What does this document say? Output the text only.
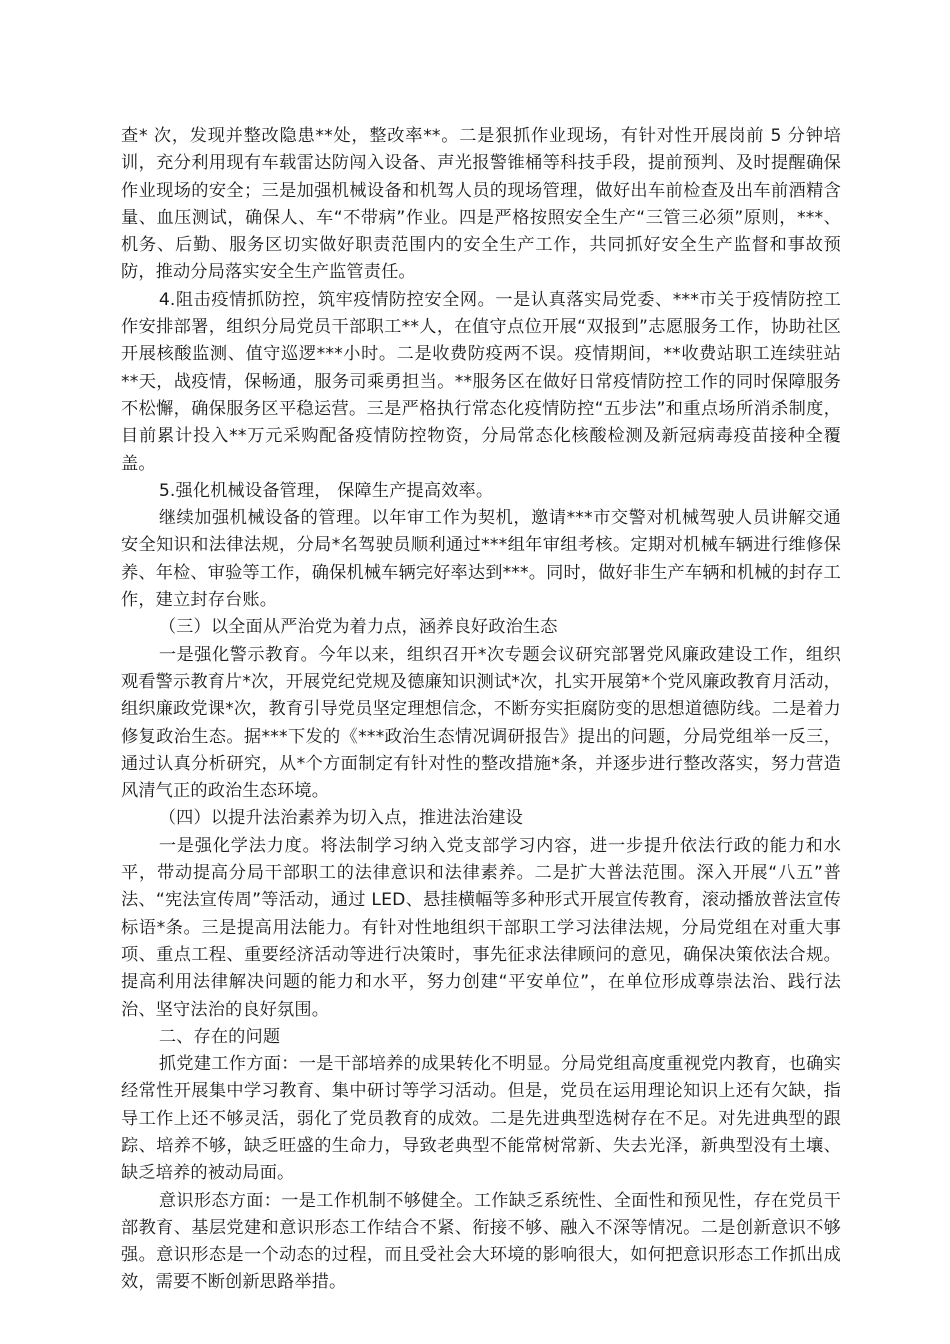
查* 次，发现并整改隐患**处，整改率**。二是狠抓作业现场，有针对性开展岗前 5 分钟培训，充分利用现有车载雷达防闯入设备、声光报警锥桶等科技手段，提前预判、及时提醒确保作业现场的安全；三是加强机械设备和机驾人员的现场管理，做好出车前检查及出车前酒精含量、血压测试，确保人、车“不带病”作业。四是严格按照安全生产“三管三必须”原则，***、机务、后勤、服务区切实做好职责范围内的安全生产工作，共同抓好安全生产监督和事故预防，推动分局落实安全生产监管责任。

4.阻击疫情抓防控，筑牢疫情防控安全网。一是认真落实局党委、***市关于疫情防控工作安排部署，组织分局党员干部职工**人，在值守点位开展“双报到”志愿服务工作，协助社区开展核酸监测、值守巡逻***小时。二是收费防疫两不误。疫情期间，**收费站职工连续驻站**天，战疫情，保畅通，服务司乘勇担当。**服务区在做好日常疫情防控工作的同时保障服务不松懈，确保服务区平稳运营。三是严格执行常态化疫情防控“五步法”和重点场所消杀制度，目前累计投入**万元采购配备疫情防控物资，分局常态化核酸检测及新冠病毒疫苗接种全覆盖。

5.强化机械设备管理， 保障生产提高效率。

继续加强机械设备的管理。以年审工作为契机，邀请***市交警对机械驾驶人员讲解交通安全知识和法律法规，分局*名驾驶员顺利通过***组年审组考核。定期对机械车辆进行维修保养、年检、审验等工作，确保机械车辆完好率达到***。同时，做好非生产车辆和机械的封存工作，建立封存台账。

（三）以全面从严治党为着力点，涵养良好政治生态

一是强化警示教育。今年以来，组织召开*次专题会议研究部署党风廉政建设工作，组织观看警示教育片*次，开展党纪党规及德廉知识测试*次，扎实开展第*个党风廉政教育月活动，组织廉政党课*次，教育引导党员坚定理想信念，不断夯实拒腐防变的思想道德防线。二是着力修复政治生态。据***下发的《***政治生态情况调研报告》提出的问题，分局党组举一反三，通过认真分析研究，从*个方面制定有针对性的整改措施*条，并逐步进行整改落实，努力营造风清气正的政治生态环境。

（四）以提升法治素养为切入点，推进法治建设

一是强化学法力度。将法制学习纳入党支部学习内容，进一步提升依法行政的能力和水平，带动提高分局干部职工的法律意识和法律素养。二是扩大普法范围。深入开展“八五”普法、“宪法宣传周”等活动，通过 LED、悬挂横幅等多种形式开展宣传教育，滚动播放普法宣传标语*条。三是提高用法能力。有针对性地组织干部职工学习法律法规，分局党组在对重大事项、重点工程、重要经济活动等进行决策时，事先征求法律顾问的意见，确保决策依法合规。提高利用法律解决问题的能力和水平，努力创建“平安单位”，在单位形成尊崇法治、践行法治、坚守法治的良好氛围。

二、存在的问题

抓党建工作方面：一是干部培养的成果转化不明显。分局党组高度重视党内教育，也确实经常性开展集中学习教育、集中研讨等学习活动。但是，党员在运用理论知识上还有欠缺，指导工作上还不够灵活，弱化了党员教育的成效。二是先进典型选树存在不足。对先进典型的跟踪、培养不够，缺乏旺盛的生命力，导致老典型不能常树常新、失去光泽，新典型没有土壤、缺乏培养的被动局面。

意识形态方面：一是工作机制不够健全。工作缺乏系统性、全面性和预见性，存在党员干部教育、基层党建和意识形态工作结合不紧、衔接不够、融入不深等情况。二是创新意识不够强。意识形态是一个动态的过程，而且受社会大环境的影响很大，如何把意识形态工作抓出成效，需要不断创新思路举措。
